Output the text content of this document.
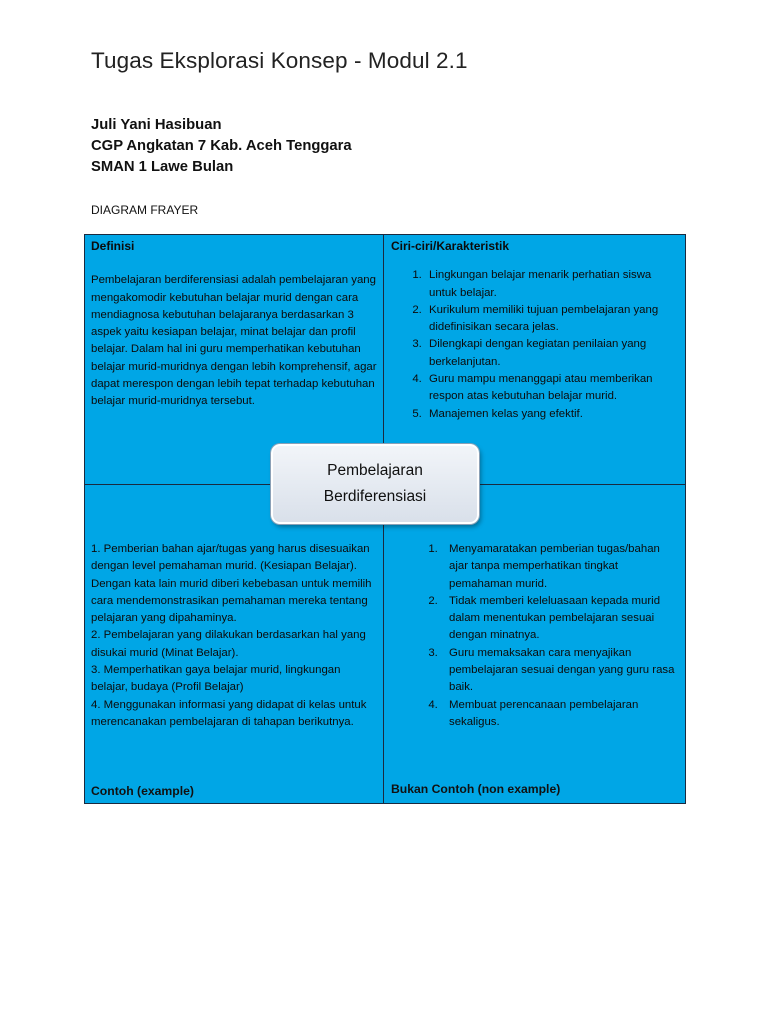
Tugas Eksplorasi Konsep - Modul 2.1
Juli Yani Hasibuan
CGP Angkatan 7 Kab. Aceh Tenggara
SMAN 1 Lawe Bulan
DIAGRAM FRAYER
Definisi
Pembelajaran berdiferensiasi adalah pembelajaran yang mengakomodir kebutuhan belajar murid dengan cara mendiagnosa kebutuhan belajaranya berdasarkan 3 aspek yaitu kesiapan belajar, minat belajar dan profil belajar. Dalam hal ini guru memperhatikan kebutuhan belajar murid-muridnya dengan lebih komprehensif, agar dapat merespon dengan lebih tepat terhadap kebutuhan belajar murid-muridnya tersebut.
Ciri-ciri/Karakteristik
1. Lingkungan belajar menarik perhatian siswa untuk belajar.
2. Kurikulum memiliki tujuan pembelajaran yang didefinisikan secara jelas.
3. Dilengkapi dengan kegiatan penilaian yang berkelanjutan.
4. Guru mampu menanggapi atau memberikan respon atas kebutuhan belajar murid.
5. Manajemen kelas yang efektif.
1. Pemberian bahan ajar/tugas yang harus disesuaikan dengan level pemahaman murid. (Kesiapan Belajar). Dengan kata lain murid diberi kebebasan untuk memilih cara mendemonstrasikan pemahaman mereka tentang pelajaran yang dipahaminya.
2. Pembelajaran yang dilakukan berdasarkan hal yang disukai murid (Minat Belajar).
3. Memperhatikan gaya belajar murid, lingkungan belajar, budaya (Profil Belajar)
4. Menggunakan informasi yang didapat di kelas untuk merencanakan pembelajaran di tahapan berikutnya.
Contoh (example)
1. Menyamaratakan pemberian tugas/bahan ajar tanpa memperhatikan tingkat pemahaman murid.
2. Tidak memberi keleluasaan kepada murid dalam menentukan pembelajaran sesuai dengan minatnya.
3. Guru memaksakan cara menyajikan pembelajaran sesuai dengan yang guru rasa baik.
4. Membuat perencanaan pembelajaran sekaligus.
Bukan Contoh (non example)
Pembelajaran
Berdiferensiasi
